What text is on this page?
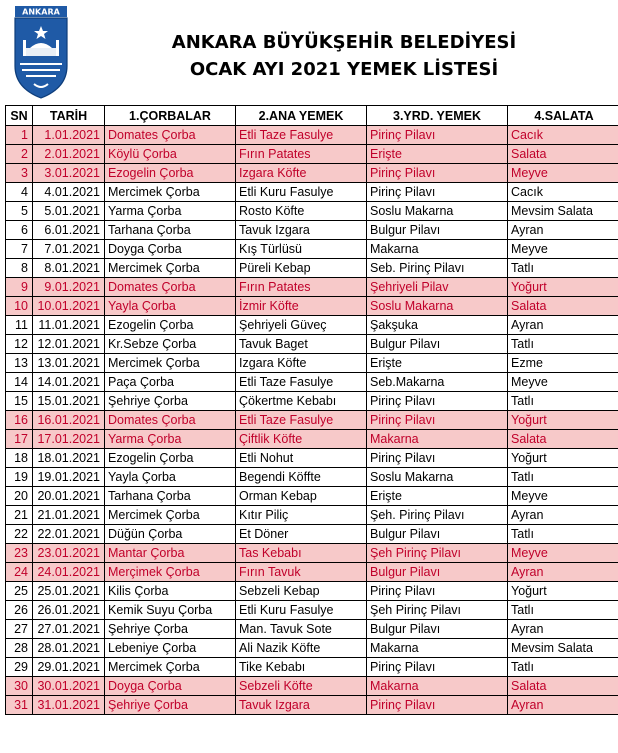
ANKARA
ANKARA BÜYÜKŞEHİR BELEDİYESİ
OCAK AYI 2021 YEMEK LİSTESİ
SN	TARİH	1.ÇORBALAR	2.ANA YEMEK	3.YRD. YEMEK	4.SALATA
1	1.01.2021	Domates Çorba	Etli Taze Fasulye	Pirinç Pilavı	Cacık
2	2.01.2021	Köylü Çorba	Fırın Patates	Erişte	Salata
3	3.01.2021	Ezogelin Çorba	Izgara Köfte	Pirinç Pilavı	Meyve
4	4.01.2021	Mercimek Çorba	Etli Kuru Fasulye	Pirinç Pilavı	Cacık
5	5.01.2021	Yarma Çorba	Rosto Köfte	Soslu Makarna	Mevsim Salata
6	6.01.2021	Tarhana Çorba	Tavuk Izgara	Bulgur Pilavı	Ayran
7	7.01.2021	Doyga Çorba	Kış Türlüsü	Makarna	Meyve
8	8.01.2021	Mercimek Çorba	Püreli Kebap	Seb. Pirinç Pilavı	Tatlı
9	9.01.2021	Domates Çorba	Fırın Patates	Şehriyeli Pilav	Yoğurt
10	10.01.2021	Yayla Çorba	İzmir Köfte	Soslu Makarna	Salata
11	11.01.2021	Ezogelin Çorba	Şehriyeli Güveç	Şakşuka	Ayran
12	12.01.2021	Kr.Sebze Çorba	Tavuk Baget	Bulgur Pilavı	Tatlı
13	13.01.2021	Mercimek Çorba	Izgara Köfte	Erişte	Ezme
14	14.01.2021	Paça Çorba	Etli Taze Fasulye	Seb.Makarna	Meyve
15	15.01.2021	Şehriye Çorba	Çökertme Kebabı	Pirinç Pilavı	Tatlı
16	16.01.2021	Domates Çorba	Etli Taze Fasulye	Pirinç Pilavı	Yoğurt
17	17.01.2021	Yarma Çorba	Çiftlik Köfte	Makarna	Salata
18	18.01.2021	Ezogelin Çorba	Etli Nohut	Pirinç Pilavı	Yoğurt
19	19.01.2021	Yayla Çorba	Begendi Köffte	Soslu Makarna	Tatlı
20	20.01.2021	Tarhana Çorba	Orman Kebap	Erişte	Meyve
21	21.01.2021	Mercimek Çorba	Kıtır Piliç	Şeh. Pirinç Pilavı	Ayran
22	22.01.2021	Düğün Çorba	Et Döner	Bulgur Pilavı	Tatlı
23	23.01.2021	Mantar Çorba	Tas Kebabı	Şeh Pirinç Pilavı	Meyve
24	24.01.2021	Merçimek Çorba	Fırın Tavuk	Bulgur Pilavı	Ayran
25	25.01.2021	Kilis Çorba	Sebzeli Kebap	Pirinç Pilavı	Yoğurt
26	26.01.2021	Kemik Suyu Çorba	Etli Kuru Fasulye	Şeh Pirinç Pilavı	Tatlı
27	27.01.2021	Şehriye Çorba	Man. Tavuk Sote	Bulgur Pilavı	Ayran
28	28.01.2021	Lebeniye Çorba	Ali Nazik Köfte	Makarna	Mevsim Salata
29	29.01.2021	Mercimek Çorba	Tike Kebabı	Pirinç Pilavı	Tatlı
30	30.01.2021	Doyga Çorba	Sebzeli Köfte	Makarna	Salata
31	31.01.2021	Şehriye Çorba	Tavuk Izgara	Pirinç Pilavı	Ayran
